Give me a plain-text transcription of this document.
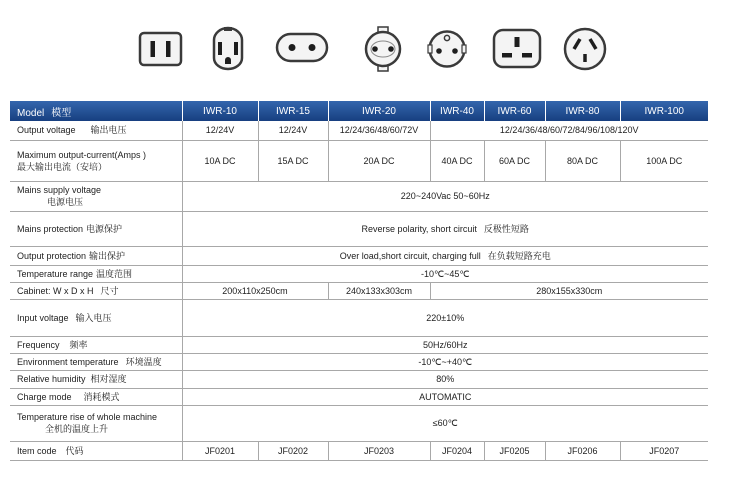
Model 模型	IWR-10	IWR-15	IWR-20	IWR-40	IWR-60	IWR-80	IWR-100
Output voltage 输出电压	12/24V	12/24V	12/24/36/48/60/72V	12/24/36/48/60/72/84/96/108/120V			

Maximum output-current(Amps )
最大输出电流（安培）	10A DC	15A DC	20A DC	40A DC	60A DC	80A DC	100A DC

Mains supply voltage
电源电压	220~240Vac 50~60Hz						
Mains protection 电源保护	Reverse polarity, short circuit 反极性短路						
Output protection 输出保护	Over load,short circuit, charging full 在负载短路充电						
Temperature range 温度范围	-10℃~45℃						
Cabinet: W x D x H 尺寸	200x110x250cm		240x133x303cm	280x155x330cm			
Input voltage 输入电压	220±10%						
Frequency 频率	50Hz/60Hz						
Environment temperature 环境温度	-10℃~+40℃						
Relative humidity 相对湿度	80%						
Charge mode 消耗模式	AUTOMATIC						

Temperature rise of whole machine
全机的温度上升	≤60℃						
Item code 代码	JF0201	JF0202	JF0203	JF0204	JF0205	JF0206	JF0207
